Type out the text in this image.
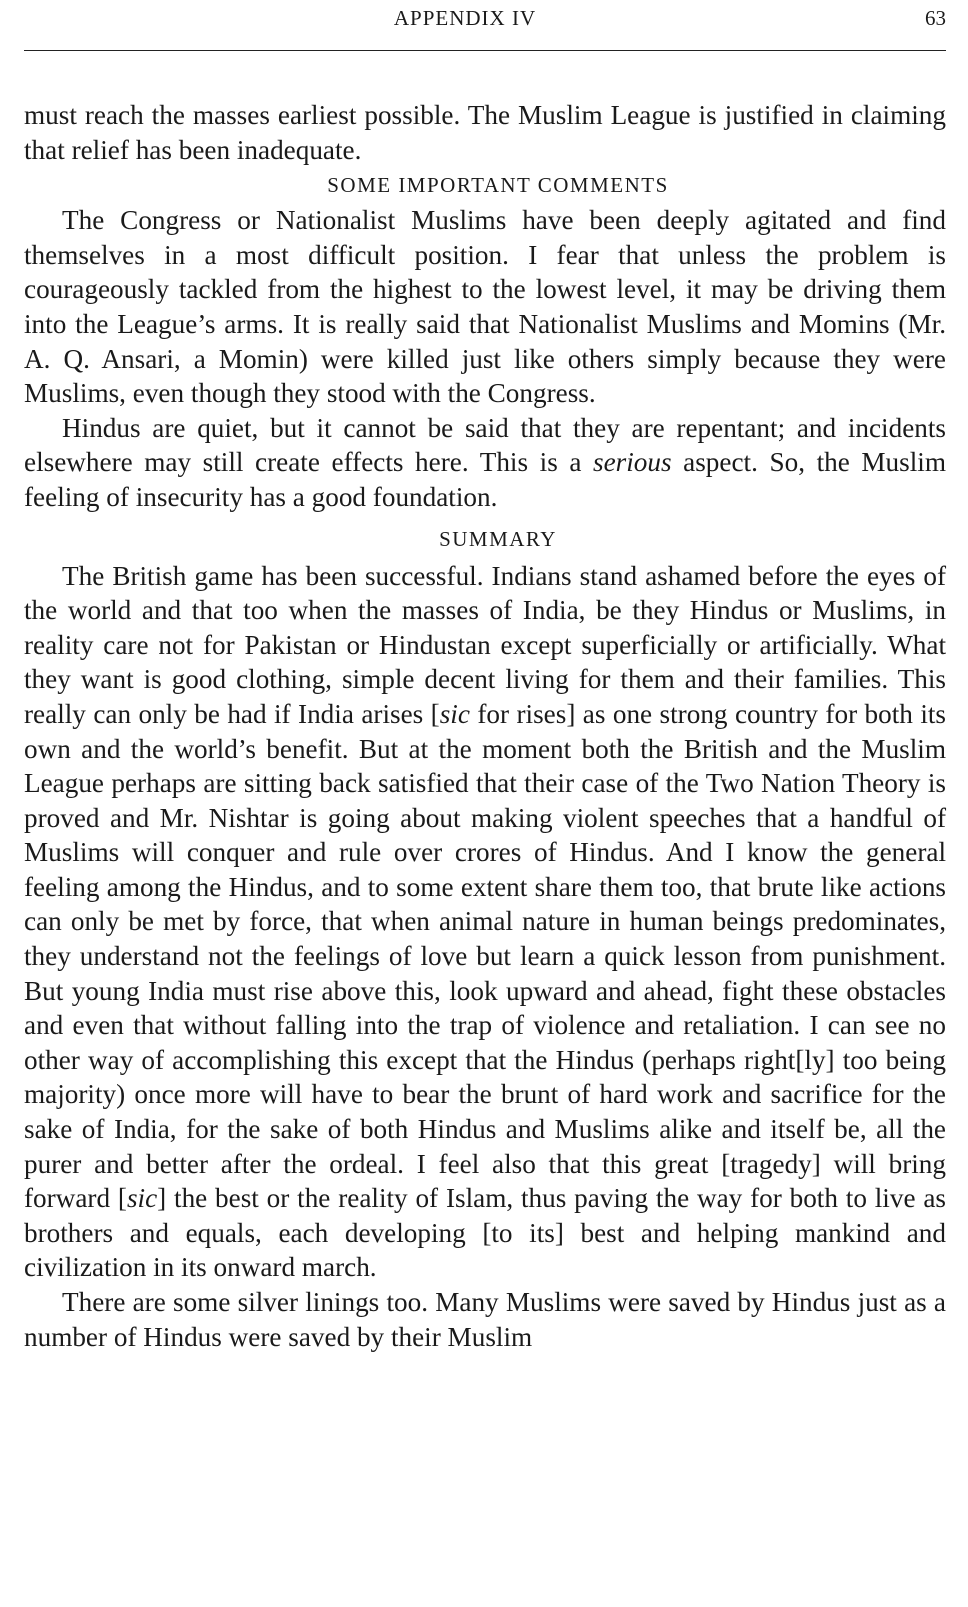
APPENDIX IV	63

must reach the masses earliest possible. The Muslim League is justified in claiming that relief has been inadequate.

SOME IMPORTANT COMMENTS

The Congress or Nationalist Muslims have been deeply agitated and find themselves in a most difficult position. I fear that unless the problem is courageously tackled from the highest to the lowest level, it may be driving them into the League’s arms. It is really said that Nationalist Muslims and Momins (Mr. A. Q. Ansari, a Momin) were killed just like others simply because they were Muslims, even though they stood with the Congress.

Hindus are quiet, but it cannot be said that they are repentant; and incidents elsewhere may still create effects here. This is a serious aspect. So, the Muslim feeling of insecurity has a good foundation.

SUMMARY

The British game has been successful. Indians stand ashamed before the eyes of the world and that too when the masses of India, be they Hindus or Muslims, in reality care not for Pakistan or Hindustan except superficially or artificially. What they want is good clothing, simple decent living for them and their families. This really can only be had if India arises [sic for rises] as one strong country for both its own and the world’s benefit. But at the moment both the British and the Muslim League perhaps are sitting back satisfied that their case of the Two Nation Theory is proved and Mr. Nishtar is going about making violent speeches that a handful of Muslims will conquer and rule over crores of Hindus. And I know the general feeling among the Hindus, and to some extent share them too, that brute like actions can only be met by force, that when animal nature in human beings predominates, they understand not the feelings of love but learn a quick lesson from punishment. But young India must rise above this, look upward and ahead, fight these obstacles and even that without falling into the trap of violence and retaliation. I can see no other way of accomplishing this except that the Hindus (perhaps right[ly] too being majority) once more will have to bear the brunt of hard work and sacrifice for the sake of India, for the sake of both Hindus and Muslims alike and itself be, all the purer and better after the ordeal. I feel also that this great [tragedy] will bring forward [sic] the best or the reality of Islam, thus paving the way for both to live as brothers and equals, each developing [to its] best and helping mankind and civilization in its onward march.

There are some silver linings too. Many Muslims were saved by Hindus just as a number of Hindus were saved by their Muslim
